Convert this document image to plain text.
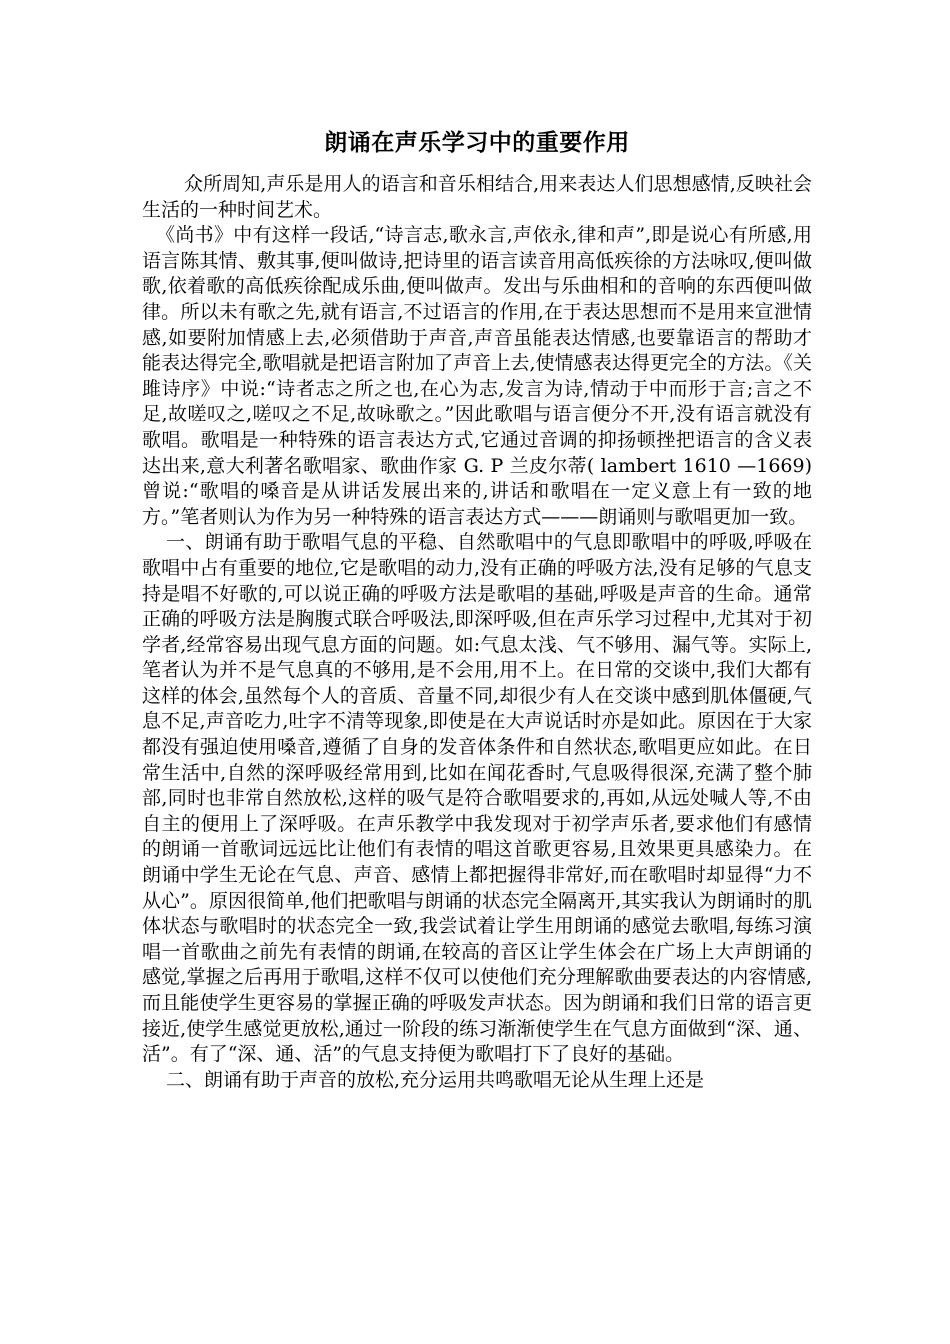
朗诵在声乐学习中的重要作用

众所周知,声乐是用人的语言和音乐相结合,用来表达人们思想感情,反映社会生活的一种时间艺术。

《尚书》中有这样一段话,“诗言志,歌永言,声依永,律和声”,即是说心有所感,用语言陈其情、敷其事,便叫做诗,把诗里的语言读音用高低疾徐的方法咏叹,便叫做歌,依着歌的高低疾徐配成乐曲,便叫做声。发出与乐曲相和的音响的东西便叫做律。所以未有歌之先,就有语言,不过语言的作用,在于表达思想而不是用来宣泄情感,如要附加情感上去,必须借助于声音,声音虽能表达情感,也要靠语言的帮助才能表达得完全,歌唱就是把语言附加了声音上去,使情感表达得更完全的方法。《关雎诗序》中说:“诗者志之所之也,在心为志,发言为诗,情动于中而形于言;言之不足,故嗟叹之,嗟叹之不足,故咏歌之。”因此歌唱与语言便分不开,没有语言就没有歌唱。歌唱是一种特殊的语言表达方式,它通过音调的抑扬顿挫把语言的含义表达出来,意大利著名歌唱家、歌曲作家 G. P 兰皮尔蒂( lambert 1610 —1669) 曾说:“歌唱的嗓音是从讲话发展出来的,讲话和歌唱在一定义意上有一致的地方。”笔者则认为作为另一种特殊的语言表达方式———朗诵则与歌唱更加一致。

一、朗诵有助于歌唱气息的平稳、自然歌唱中的气息即歌唱中的呼吸,呼吸在歌唱中占有重要的地位,它是歌唱的动力,没有正确的呼吸方法,没有足够的气息支持是唱不好歌的,可以说正确的呼吸方法是歌唱的基础,呼吸是声音的生命。通常正确的呼吸方法是胸腹式联合呼吸法,即深呼吸,但在声乐学习过程中,尤其对于初学者,经常容易出现气息方面的问题。如:气息太浅、气不够用、漏气等。实际上,笔者认为并不是气息真的不够用,是不会用,用不上。在日常的交谈中,我们大都有这样的体会,虽然每个人的音质、音量不同,却很少有人在交谈中感到肌体僵硬,气息不足,声音吃力,吐字不清等现象,即使是在大声说话时亦是如此。原因在于大家都没有强迫使用嗓音,遵循了自身的发音体条件和自然状态,歌唱更应如此。在日常生活中,自然的深呼吸经常用到,比如在闻花香时,气息吸得很深,充满了整个肺部,同时也非常自然放松,这样的吸气是符合歌唱要求的,再如,从远处喊人等,不由自主的便用上了深呼吸。在声乐教学中我发现对于初学声乐者,要求他们有感情的朗诵一首歌词远远比让他们有表情的唱这首歌更容易,且效果更具感染力。在朗诵中学生无论在气息、声音、感情上都把握得非常好,而在歌唱时却显得“力不从心”。原因很简单,他们把歌唱与朗诵的状态完全隔离开,其实我认为朗诵时的肌体状态与歌唱时的状态完全一致,我尝试着让学生用朗诵的感觉去歌唱,每练习演唱一首歌曲之前先有表情的朗诵,在较高的音区让学生体会在广场上大声朗诵的感觉,掌握之后再用于歌唱,这样不仅可以使他们充分理解歌曲要表达的内容情感,而且能使学生更容易的掌握正确的呼吸发声状态。因为朗诵和我们日常的语言更接近,使学生感觉更放松,通过一阶段的练习渐渐使学生在气息方面做到“深、通、活”。有了“深、通、活”的气息支持便为歌唱打下了良好的基础。

二、朗诵有助于声音的放松,充分运用共鸣歌唱无论从生理上还是
